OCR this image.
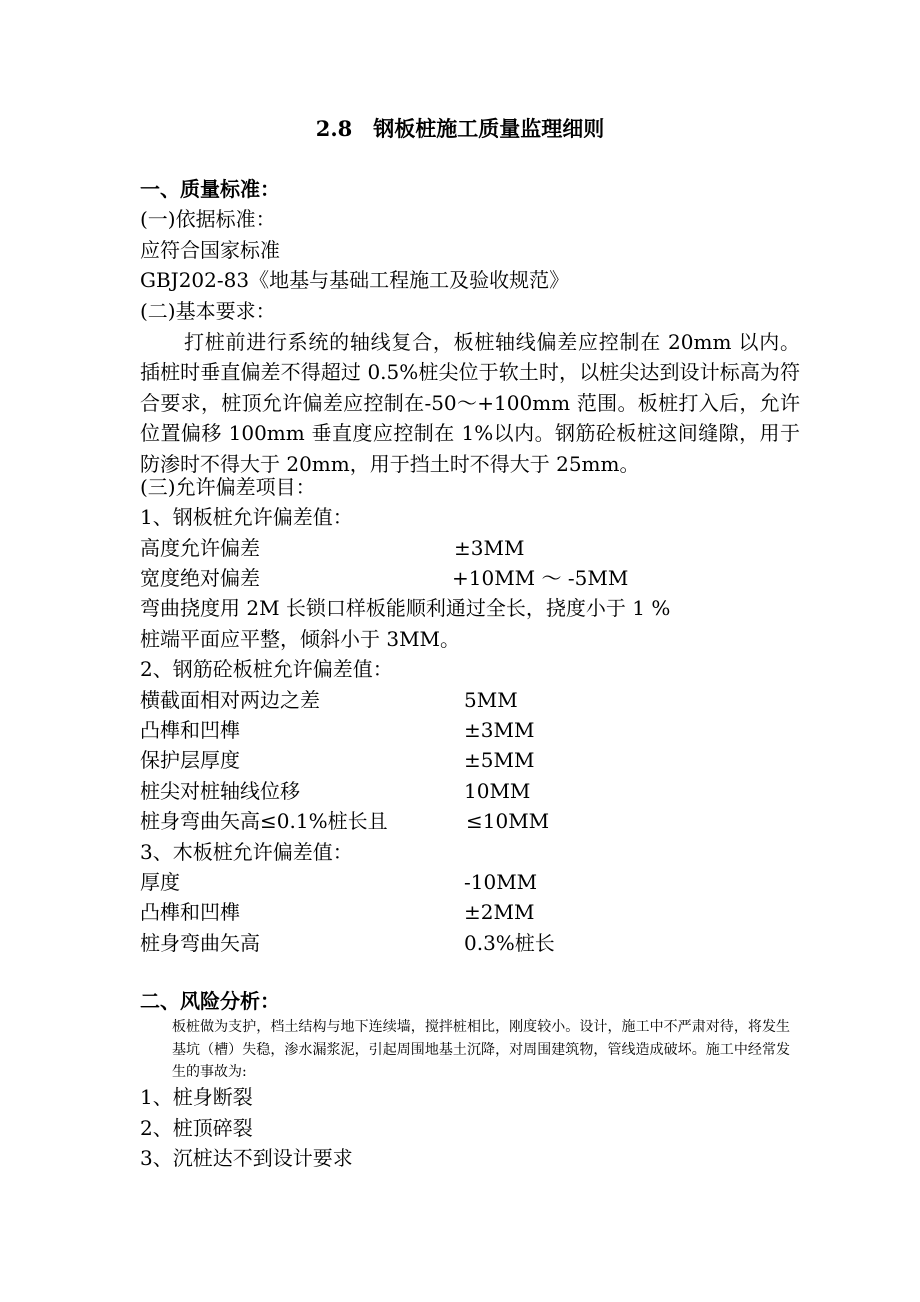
2.8　钢板桩施工质量监理细则
一、质量标准：
(一)依据标准：
应符合国家标准
GBJ202-83《地基与基础工程施工及验收规范》
(二)基本要求：

打桩前进行系统的轴线复合，板桩轴线偏差应控制在 20mm 以内。插桩时垂直偏差不得超过 0.5%桩尖位于软土时，以桩尖达到设计标高为符合要求，桩顶允许偏差应控制在-50～+100mm 范围。板桩打入后，允许位置偏移 100mm 垂直度应控制在 1%以内。钢筋砼板桩这间缝隙，用于防渗时不得大于 20mm，用于挡土时不得大于 25mm。

(三)允许偏差项目：
1、钢板桩允许偏差值：
高度允许偏差	±3MM
宽度绝对偏差	+10MM ～ -5MM
弯曲挠度用 2M 长锁口样板能顺利通过全长，挠度小于 1 %
桩端平面应平整，倾斜小于 3MM。
2、钢筋砼板桩允许偏差值：
横截面相对两边之差	5MM
凸榫和凹榫	±3MM
保护层厚度	±5MM
桩尖对桩轴线位移	10MM
桩身弯曲矢高≤0.1%桩长且	≤10MM
3、木板桩允许偏差值：
厚度	-10MM
凸榫和凹榫	±2MM
桩身弯曲矢高	0.3%桩长
二、风险分析：

板桩做为支护，档土结构与地下连续墙，搅拌桩相比，刚度较小。设计，施工中不严肃对待，将发生基坑（槽）失稳，渗水漏浆泥，引起周围地基土沉降，对周围建筑物，管线造成破坏。施工中经常发生的事故为:

1、桩身断裂
2、桩顶碎裂
3、沉桩达不到设计要求
